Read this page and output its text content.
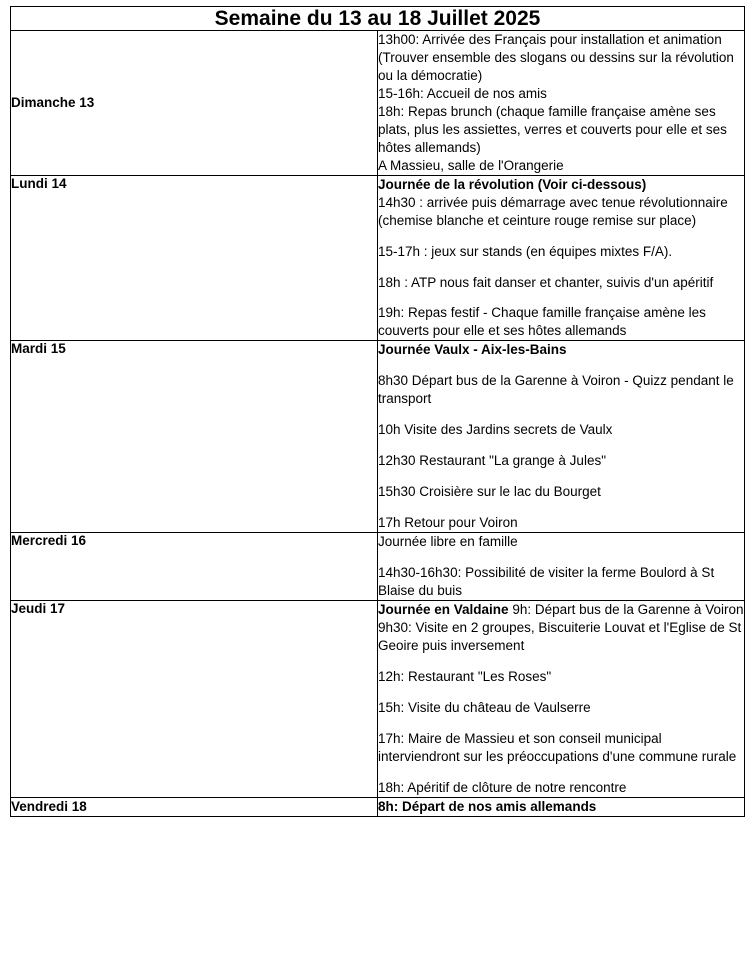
Semaine du 13 au 18 Juillet 2025	
Dimanche 13	13h00: Arrivée des Français pour installation et animation (Trouver ensemble des slogans ou dessins sur la révolution ou la démocratie)

15-16h: Accueil de nos amis

18h: Repas brunch (chaque famille française amène ses plats, plus les assiettes, verres et couverts pour elle et ses hôtes allemands)

A Massieu, salle de l'Orangerie

Lundi 14	Journée de la révolution (Voir ci-dessous)

14h30 : arrivée puis démarrage avec tenue révolutionnaire (chemise blanche et ceinture rouge remise sur place)

15-17h : jeux sur stands (en équipes mixtes F/A).

18h : ATP nous fait danser et chanter, suivis d'un apéritif

19h: Repas festif - Chaque famille française amène les couverts pour elle et ses hôtes allemands

Mardi 15	Journée Vaulx - Aix-les-Bains

8h30 Départ bus de la Garenne à Voiron - Quizz pendant le transport

10h Visite des Jardins secrets de Vaulx

12h30 Restaurant "La grange à Jules"

15h30 Croisière sur le lac du Bourget

17h Retour pour Voiron

Mercredi 16	Journée libre en famille

14h30-16h30: Possibilité de visiter la ferme Boulord à St Blaise du buis

Jeudi 17	Journée en Valdaine 9h: Départ bus de la Garenne à Voiron

9h30: Visite en 2 groupes, Biscuiterie Louvat et l'Eglise de St Geoire puis inversement

12h: Restaurant "Les Roses"

15h: Visite du château de Vaulserre

17h: Maire de Massieu et son conseil municipal interviendront sur les préoccupations d'une commune rurale

18h: Apéritif de clôture de notre rencontre

Vendredi 18	8h: Départ de nos amis allemands
